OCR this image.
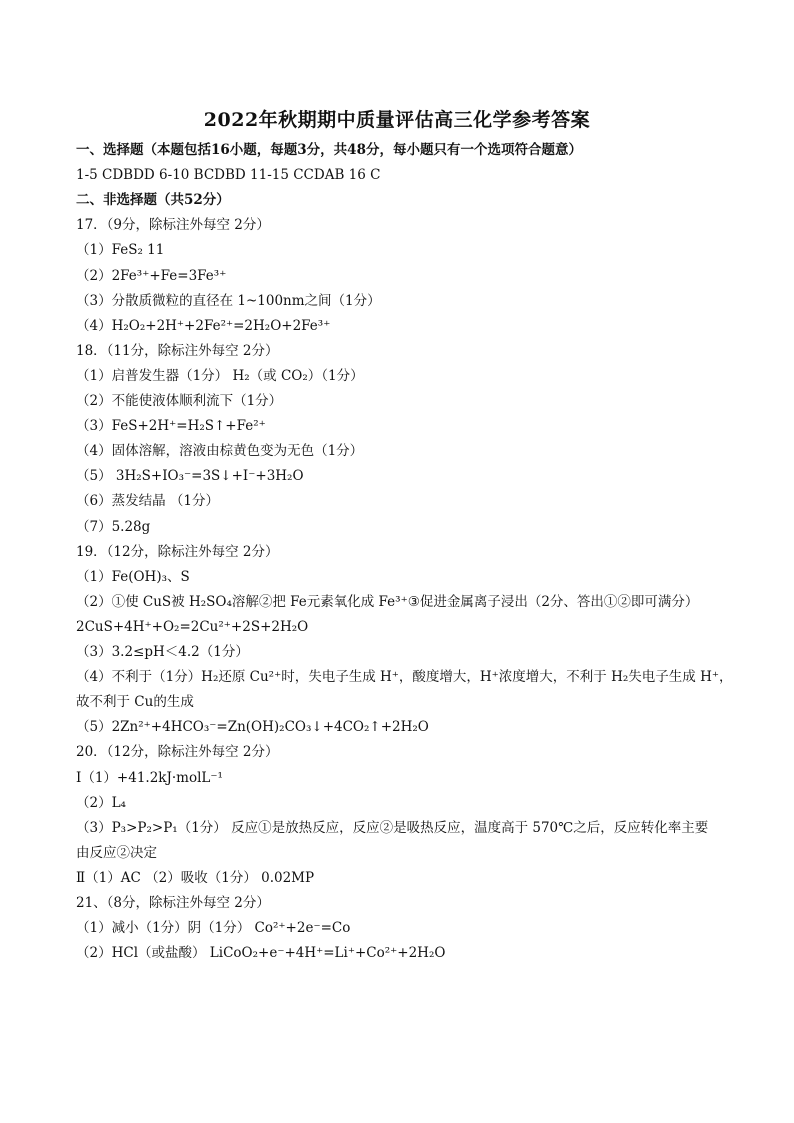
2022年秋期期中质量评估高三化学参考答案
一、选择题（本题包括16小题，每题3分，共48分，每小题只有一个选项符合题意）
1-5 CDBDD 6-10 BCDBD 11-15 CCDAB 16 C
二、非选择题（共52分）
17．（9分，除标注外每空 2分）
（1）FeS₂ 11
（2）2Fe³⁺+Fe=3Fe³⁺
（3）分散质微粒的直径在 1~100nm之间（1分）
（4）H₂O₂+2H⁺+2Fe²⁺=2H₂O+2Fe³⁺
18．（11分，除标注外每空 2分）
（1）启普发生器（1分） H₂（或 CO₂）（1分）
（2）不能使液体顺利流下（1分）
（3）FeS+2H⁺=H₂S↑+Fe²⁺
（4）固体溶解，溶液由棕黄色变为无色（1分）
（5） 3H₂S+IO₃⁻=3S↓+I⁻+3H₂O
（6）蒸发结晶 （1分）
（7）5.28g
19．（12分，除标注外每空 2分）
（1）Fe(OH)₃、S
（2）①使 CuS被 H₂SO₄溶解②把 Fe元素氧化成 Fe³⁺③促进金属离子浸出（2分、答出①②即可满分）
2CuS+4H⁺+O₂=2Cu²⁺+2S+2H₂O
（3）3.2≤pH＜4.2（1分）
（4）不利于（1分）H₂还原 Cu²⁺时，失电子生成 H⁺，酸度增大，H⁺浓度增大，不利于 H₂失电子生成 H⁺，
故不利于 Cu的生成
（5）2Zn²⁺+4HCO₃⁻=Zn(OH)₂CO₃↓+4CO₂↑+2H₂O
20．（12分，除标注外每空 2分）
Ⅰ（1）+41.2kJ·molL⁻¹
（2）L₄
（3）P₃>P₂>P₁（1分） 反应①是放热反应，反应②是吸热反应，温度高于 570℃之后，反应转化率主要
由反应②决定
Ⅱ（1）AC （2）吸收（1分） 0.02MP
21、（8分，除标注外每空 2分）
（1）减小（1分）阴（1分） Co²⁺+2e⁻=Co
（2）HCl（或盐酸） LiCoO₂+e⁻+4H⁺=Li⁺+Co²⁺+2H₂O
